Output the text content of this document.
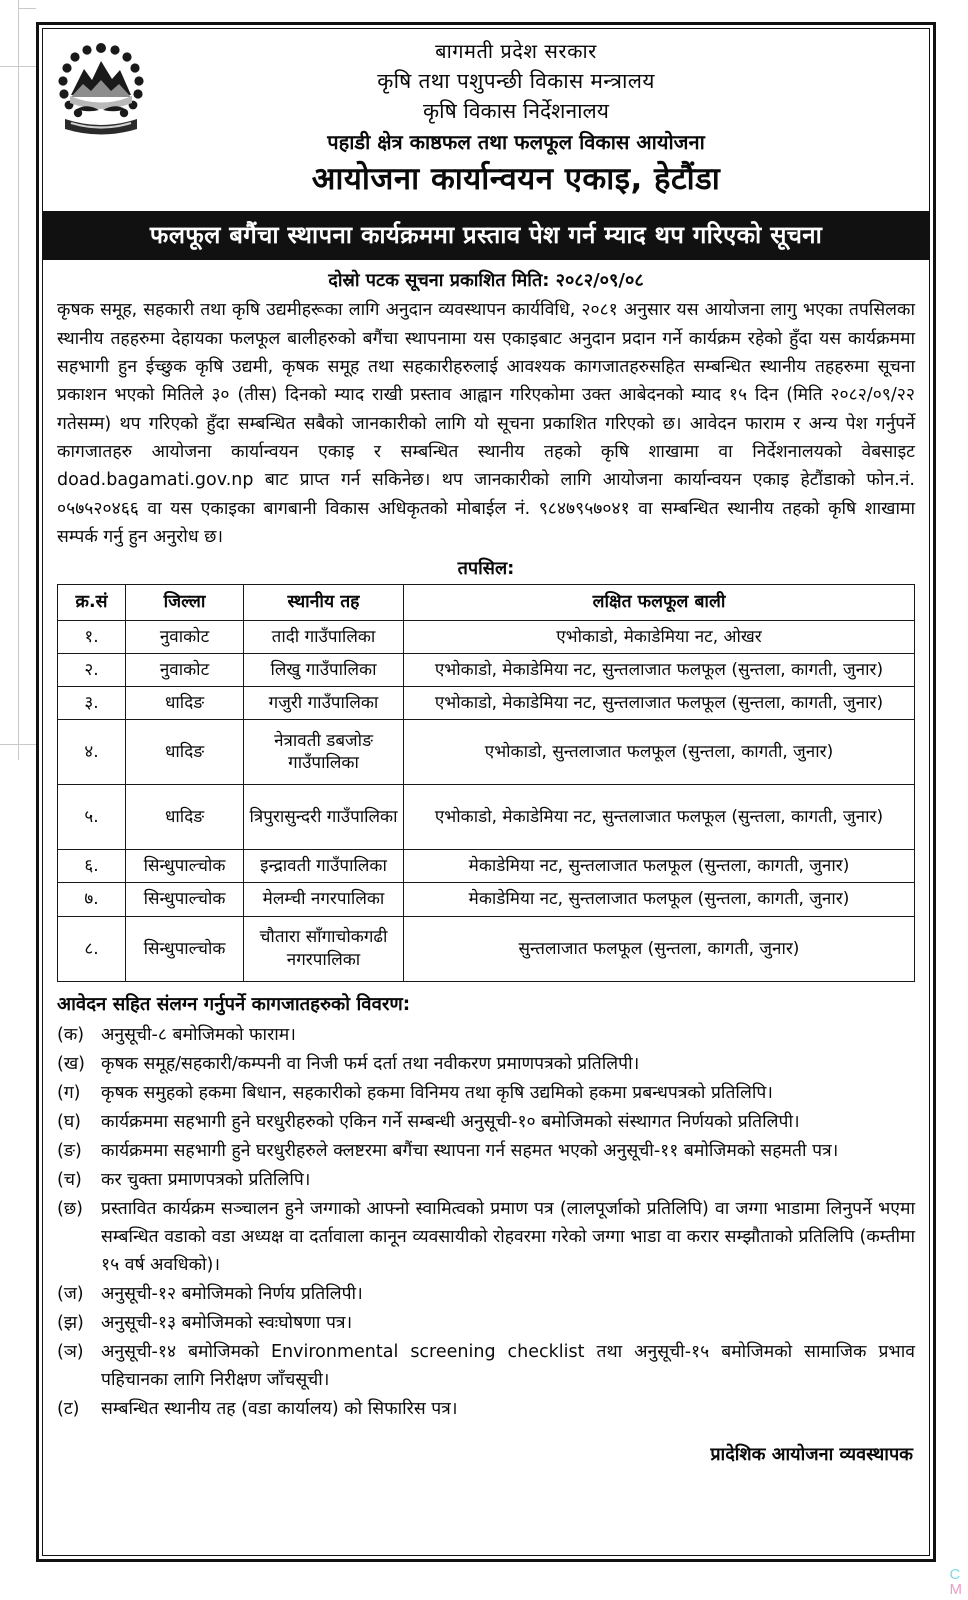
बागमती प्रदेश सरकार
कृषि तथा पशुपन्छी विकास मन्त्रालय
कृषि विकास निर्देशनालय
पहाडी क्षेत्र काष्ठफल तथा फलफूल विकास आयोजना
आयोजना कार्यान्वयन एकाइ, हेटौंडा
फलफूल बगैंचा स्थापना कार्यक्रममा प्रस्ताव पेश गर्न म्याद थप गरिएको सूचना
दोस्रो पटक सूचना प्रकाशित मिति: २०८२/०९/०८
कृषक समूह, सहकारी तथा कृषि उद्यमीहरूका लागि अनुदान व्यवस्थापन कार्यविधि, २०८१ अनुसार यस आयोजना लागु भएका तपसिलका स्थानीय तहहरुमा देहायका फलफूल बालीहरुको बगैंचा स्थापनामा यस एकाइबाट अनुदान प्रदान गर्ने कार्यक्रम रहेको हुँदा यस कार्यक्रममा सहभागी हुन ईच्छुक कृषि उद्यमी, कृषक समूह तथा सहकारीहरुलाई आवश्यक कागजातहरुसहित सम्बन्धित स्थानीय तहहरुमा सूचना प्रकाशन भएको मितिले ३० (तीस) दिनको म्याद राखी प्रस्ताव आह्वान गरिएकोमा उक्त आबेदनको म्याद १५ दिन (मिति २०८२/०९/२२ गतेसम्म) थप गरिएको हुँदा सम्बन्धित सबैको जानकारीको लागि यो सूचना प्रकाशित गरिएको छ। आवेदन फाराम र अन्य पेश गर्नुपर्ने कागजातहरु आयोजना कार्यान्वयन एकाइ र सम्बन्धित स्थानीय तहको कृषि शाखामा वा निर्देशनालयको वेबसाइट doad.bagamati.gov.np बाट प्राप्त गर्न सकिनेछ। थप जानकारीको लागि आयोजना कार्यान्वयन एकाइ हेटौंडाको फोन.नं. ०५७५२०४६६ वा यस एकाइका बागबानी विकास अधिकृतको मोबाईल नं. ९८४७९५७०४१ वा सम्बन्धित स्थानीय तहको कृषि शाखामा सम्पर्क गर्नु हुन अनुरोध छ।
तपसिल:
क्र.सं	जिल्ला	स्थानीय तह	लक्षित फलफूल बाली
१.	नुवाकोट	तादी गाउँपालिका	एभोकाडो, मेकाडेमिया नट, ओखर
२.	नुवाकोट	लिखु गाउँपालिका	एभोकाडो, मेकाडेमिया नट, सुन्तलाजात फलफूल (सुन्तला, कागती, जुनार)
३.	धादिङ	गजुरी गाउँपालिका	एभोकाडो, मेकाडेमिया नट, सुन्तलाजात फलफूल (सुन्तला, कागती, जुनार)
४.	धादिङ	नेत्रावती डबजोङ गाउँपालिका	एभोकाडो, सुन्तलाजात फलफूल (सुन्तला, कागती, जुनार)
५.	धादिङ	त्रिपुरासुन्दरी गाउँपालिका	एभोकाडो, मेकाडेमिया नट, सुन्तलाजात फलफूल (सुन्तला, कागती, जुनार)
६.	सिन्धुपाल्चोक	इन्द्रावती गाउँपालिका	मेकाडेमिया नट, सुन्तलाजात फलफूल (सुन्तला, कागती, जुनार)
७.	सिन्धुपाल्चोक	मेलम्ची नगरपालिका	मेकाडेमिया नट, सुन्तलाजात फलफूल (सुन्तला, कागती, जुनार)
८.	सिन्धुपाल्चोक	चौतारा साँगाचोकगढी नगरपालिका	सुन्तलाजात फलफूल (सुन्तला, कागती, जुनार)
आवेदन सहित संलग्न गर्नुपर्ने कागजातहरुको विवरण:
(क) अनुसूची-८ बमोजिमको फाराम।
(ख) कृषक समूह/सहकारी/कम्पनी वा निजी फर्म दर्ता तथा नवीकरण प्रमाणपत्रको प्रतिलिपी।
(ग)	कृषक समुहको हकमा बिधान, सहकारीको हकमा विनिमय तथा कृषि उद्यमिको हकमा प्रबन्धपत्रको प्रतिलिपि।
(घ)	कार्यक्रममा सहभागी हुने घरधुरीहरुको एकिन गर्ने सम्बन्धी अनुसूची-१० बमोजिमको संस्थागत निर्णयको प्रतिलिपी।
(ङ)	कार्यक्रममा सहभागी हुने घरधुरीहरुले क्लष्टरमा बगैंचा स्थापना गर्न सहमत भएको अनुसूची-११ बमोजिमको सहमती पत्र।
(च)	कर चुक्ता प्रमाणपत्रको प्रतिलिपि।
(छ)	प्रस्तावित कार्यक्रम सञ्चालन हुने जग्गाको आफ्नो स्वामित्वको प्रमाण पत्र (लालपूर्जाको प्रतिलिपि) वा जग्गा भाडामा लिनुपर्ने भएमा सम्बन्धित वडाको वडा अध्यक्ष वा दर्तावाला कानून व्यवसायीको रोहवरमा गरेको जग्गा भाडा वा करार सम्झौताको प्रतिलिपि (कम्तीमा १५ वर्ष अवधिको)।
(ज) अनुसूची-१२ बमोजिमको निर्णय प्रतिलिपी।
(झ) अनुसूची-१३ बमोजिमको स्वःघोषणा पत्र।
(ञ) अनुसूची-१४ बमोजिमको Environmental screening checklist तथा अनुसूची-१५ बमोजिमको सामाजिक प्रभाव पहिचानका लागि निरीक्षण जाँचसूची।
(ट)	सम्बन्धित स्थानीय तह (वडा कार्यालय) को सिफारिस पत्र।
प्रादेशिक आयोजना व्यवस्थापक
C
M
